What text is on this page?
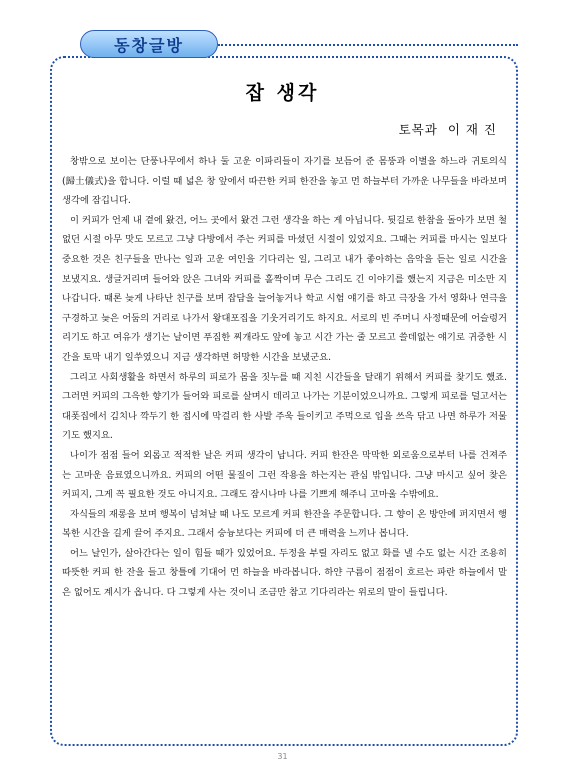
동창글방
잡 생각
토목과 이 재 진

창밖으로 보이는 단풍나무에서 하나 둘 고운 이파리들이 자기를 보듬어 준 몸뚱과 이별을 하느라 귀토의식(歸土儀式)을 합니다. 이럴 때 넓은 창 앞에서 따끈한 커피 한잔을 놓고 먼 하늘부터 가까운 나무들을 바라보며 생각에 잠깁니다.

이 커피가 언제 내 곁에 왔건, 어느 곳에서 왔건 그런 생각을 하는 게 아닙니다. 뒷길로 한참을 돌아가 보면 철없던 시절 아무 맛도 모르고 그냥 다방에서 주는 커피를 마셨던 시절이 있었지요. 그때는 커피를 마시는 일보다 중요한 것은 친구들을 만나는 일과 고운 여인을 기다리는 일, 그리고 내가 좋아하는 음악을 듣는 일로 시간을 보냈지요. 생글거리며 들어와 앉은 그녀와 커피를 홀짝이며 무슨 그리도 긴 이야기를 했는지 지금은 미소만 지나갑니다. 때론 늦게 나타난 친구를 보며 잡담을 늘어놓거나 학교 시험 얘기를 하고 극장을 가서 영화나 연극을 구경하고 늦은 어둠의 거리로 나가서 왕대포집을 기웃거리기도 하지요. 서로의 빈 주머니 사정때문에 어슬렁거리기도 하고 여유가 생기는 날이면 푸짐한 찌개라도 앞에 놓고 시간 가는 줄 모르고 쓸데없는 얘기로 귀중한 시간을 토막 내기 일쑤였으니 지금 생각하면 허망한 시간을 보냈군요.

그리고 사회생활을 하면서 하루의 피로가 몸을 짓누를 때 지친 시간들을 달래기 위해서 커피를 찾기도 했죠. 그러면 커피의 그윽한 향기가 들어와 피로를 살며시 데리고 나가는 기분이었으니까요. 그렇게 피로를 덜고서는 대폿집에서 김치나 깍두기 한 접시에 막걸리 한 사발 주욱 들이키고 주먹으로 입을 쓰윽 닦고 나면 하루가 저물기도 했지요.

나이가 점점 들어 외롭고 적적한 날은 커피 생각이 납니다. 커피 한잔은 막막한 외로움으로부터 나를 건져주는 고마운 음료였으니까요. 커피의 어떤 물질이 그런 작용을 하는지는 관심 밖입니다. 그냥 마시고 싶어 찾은 커피지, 그게 꼭 필요한 것도 아니지요. 그래도 잠시나마 나를 기쁘게 해주니 고마울 수밖에요.

자식들의 재롱을 보며 행복이 넘쳐날 때 나도 모르게 커피 한잔을 주문합니다. 그 향이 온 방안에 퍼지면서 행복한 시간을 길게 끌어 주지요. 그래서 숭늉보다는 커피에 더 큰 매력을 느끼나 봅니다.

어느 날인가, 살아간다는 일이 힘들 때가 있었어요. 두정을 부릴 자리도 없고 화를 낼 수도 없는 시간 조용히 따뜻한 커피 한 잔을 들고 창틀에 기대어 먼 하늘을 바라봅니다. 하얀 구름이 점점이 흐르는 파란 하늘에서 말은 없어도 계시가 옵니다. 다 그렇게 사는 것이니 조금만 참고 기다리라는 위로의 말이 들립니다.

31
